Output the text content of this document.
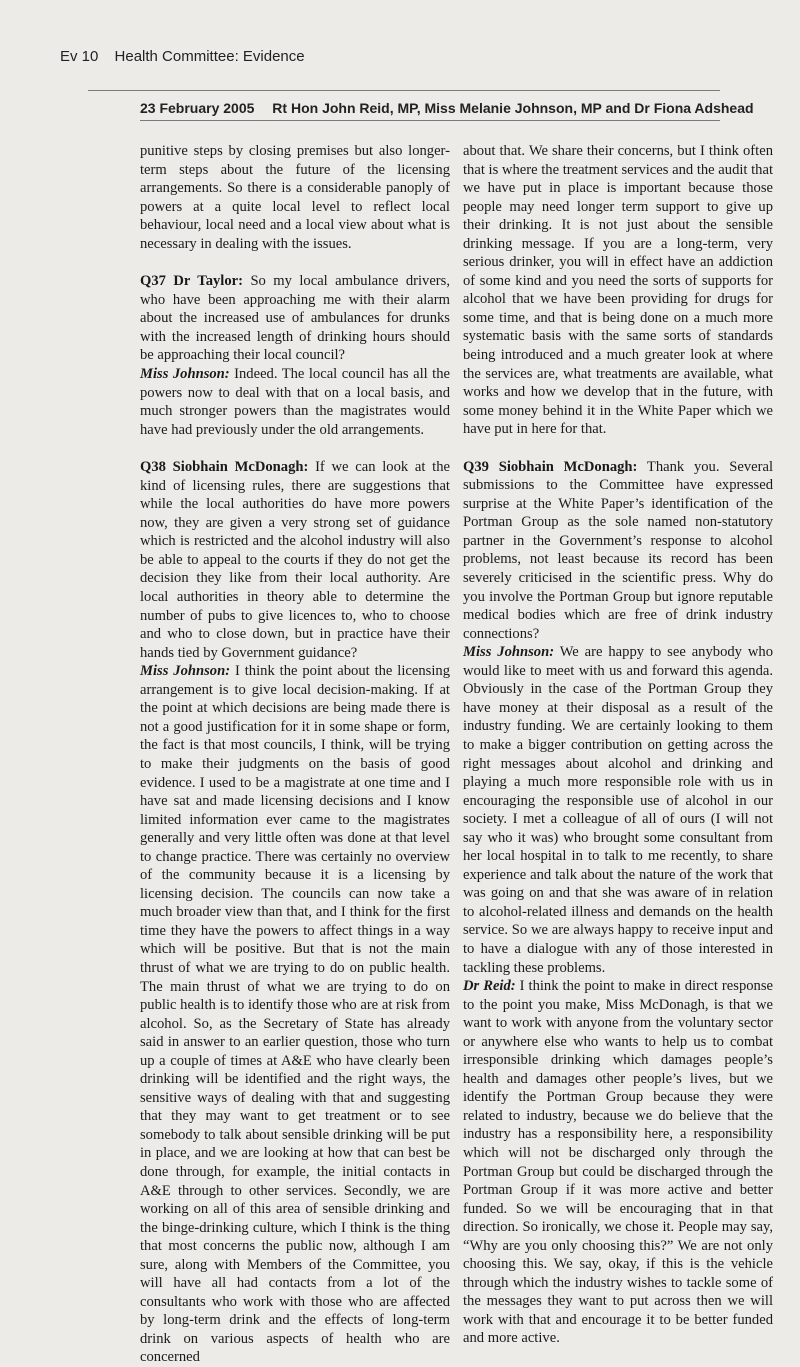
Ev 10 Health Committee: Evidence
23 February 2005 Rt Hon John Reid, MP, Miss Melanie Johnson, MP and Dr Fiona Adshead

punitive steps by closing premises but also longer-term steps about the future of the licensing arrangements. So there is a considerable panoply of powers at a quite local level to reflect local behaviour, local need and a local view about what is necessary in dealing with the issues.

Q37 Dr Taylor: So my local ambulance drivers, who have been approaching me with their alarm about the increased use of ambulances for drunks with the increased length of drinking hours should be approaching their local council?

Miss Johnson: Indeed. The local council has all the powers now to deal with that on a local basis, and much stronger powers than the magistrates would have had previously under the old arrangements.

Q38 Siobhain McDonagh: If we can look at the kind of licensing rules, there are suggestions that while the local authorities do have more powers now, they are given a very strong set of guidance which is restricted and the alcohol industry will also be able to appeal to the courts if they do not get the decision they like from their local authority. Are local authorities in theory able to determine the number of pubs to give licences to, who to choose and who to close down, but in practice have their hands tied by Government guidance?

Miss Johnson: I think the point about the licensing arrangement is to give local decision-making. If at the point at which decisions are being made there is not a good justification for it in some shape or form, the fact is that most councils, I think, will be trying to make their judgments on the basis of good evidence. I used to be a magistrate at one time and I have sat and made licensing decisions and I know limited information ever came to the magistrates generally and very little often was done at that level to change practice. There was certainly no overview of the community because it is a licensing by licensing decision. The councils can now take a much broader view than that, and I think for the first time they have the powers to affect things in a way which will be positive. But that is not the main thrust of what we are trying to do on public health. The main thrust of what we are trying to do on public health is to identify those who are at risk from alcohol. So, as the Secretary of State has already said in answer to an earlier question, those who turn up a couple of times at A&E who have clearly been drinking will be identified and the right ways, the sensitive ways of dealing with that and suggesting that they may want to get treatment or to see somebody to talk about sensible drinking will be put in place, and we are looking at how that can best be done through, for example, the initial contacts in A&E through to other services. Secondly, we are working on all of this area of sensible drinking and the binge-drinking culture, which I think is the thing that most concerns the public now, although I am sure, along with Members of the Committee, you will have all had contacts from a lot of the consultants who work with those who are affected by long-term drink and the effects of long-term drink on various aspects of health who are concerned

about that. We share their concerns, but I think often that is where the treatment services and the audit that we have put in place is important because those people may need longer term support to give up their drinking. It is not just about the sensible drinking message. If you are a long-term, very serious drinker, you will in effect have an addiction of some kind and you need the sorts of supports for alcohol that we have been providing for drugs for some time, and that is being done on a much more systematic basis with the same sorts of standards being introduced and a much greater look at where the services are, what treatments are available, what works and how we develop that in the future, with some money behind it in the White Paper which we have put in here for that.

Q39 Siobhain McDonagh: Thank you. Several submissions to the Committee have expressed surprise at the White Paper’s identification of the Portman Group as the sole named non-statutory partner in the Government’s response to alcohol problems, not least because its record has been severely criticised in the scientific press. Why do you involve the Portman Group but ignore reputable medical bodies which are free of drink industry connections?

Miss Johnson: We are happy to see anybody who would like to meet with us and forward this agenda. Obviously in the case of the Portman Group they have money at their disposal as a result of the industry funding. We are certainly looking to them to make a bigger contribution on getting across the right messages about alcohol and drinking and playing a much more responsible role with us in encouraging the responsible use of alcohol in our society. I met a colleague of all of ours (I will not say who it was) who brought some consultant from her local hospital in to talk to me recently, to share experience and talk about the nature of the work that was going on and that she was aware of in relation to alcohol-related illness and demands on the health service. So we are always happy to receive input and to have a dialogue with any of those interested in tackling these problems.

Dr Reid: I think the point to make in direct response to the point you make, Miss McDonagh, is that we want to work with anyone from the voluntary sector or anywhere else who wants to help us to combat irresponsible drinking which damages people’s health and damages other people’s lives, but we identify the Portman Group because they were related to industry, because we do believe that the industry has a responsibility here, a responsibility which will not be discharged only through the Portman Group but could be discharged through the Portman Group if it was more active and better funded. So we will be encouraging that in that direction. So ironically, we chose it. People may say, “Why are you only choosing this?” We are not only choosing this. We say, okay, if this is the vehicle through which the industry wishes to tackle some of the messages they want to put across then we will work with that and encourage it to be better funded and more active.
